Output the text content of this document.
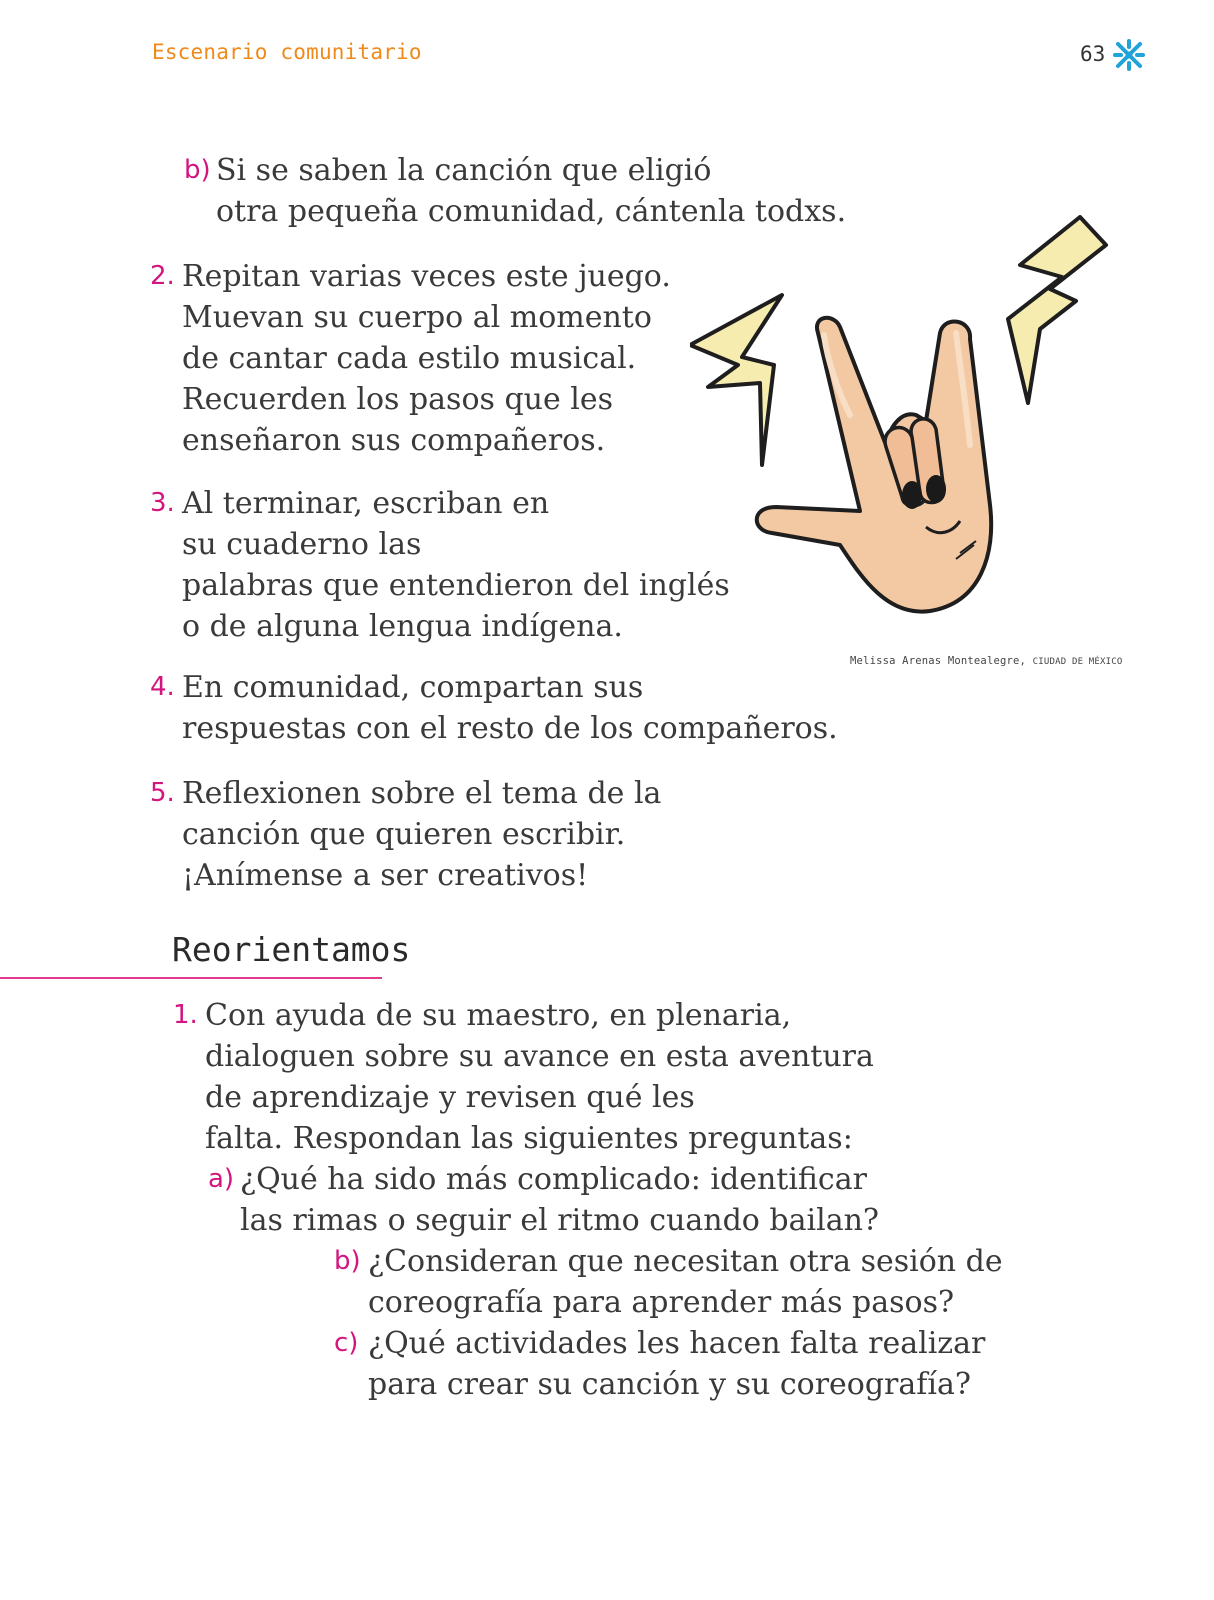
Escenario comunitario	63
b) Si se saben la canción que eligió
otra pequeña comunidad, cántenla todxs.
2. Repitan varias veces este juego.
Muevan su cuerpo al momento
de cantar cada estilo musical.
Recuerden los pasos que les
enseñaron sus compañeros.
3. Al terminar, escriban en
su cuaderno las
palabras que entendieron del inglés
o de alguna lengua indígena.
4. En comunidad, compartan sus
respuestas con el resto de los compañeros.
5. Reflexionen sobre el tema de la
canción que quieren escribir.
¡Anímense a ser creativos!
Melissa Arenas Montealegre, CIUDAD DE MÉXICO
Reorientamos
1. Con ayuda de su maestro, en plenaria,
dialoguen sobre su avance en esta aventura
de aprendizaje y revisen qué les
falta. Respondan las siguientes preguntas:
a) ¿Qué ha sido más complicado: identificar
las rimas o seguir el ritmo cuando bailan?
b) ¿Consideran que necesitan otra sesión de
coreografía para aprender más pasos?
c) ¿Qué actividades les hacen falta realizar
para crear su canción y su coreografía?
